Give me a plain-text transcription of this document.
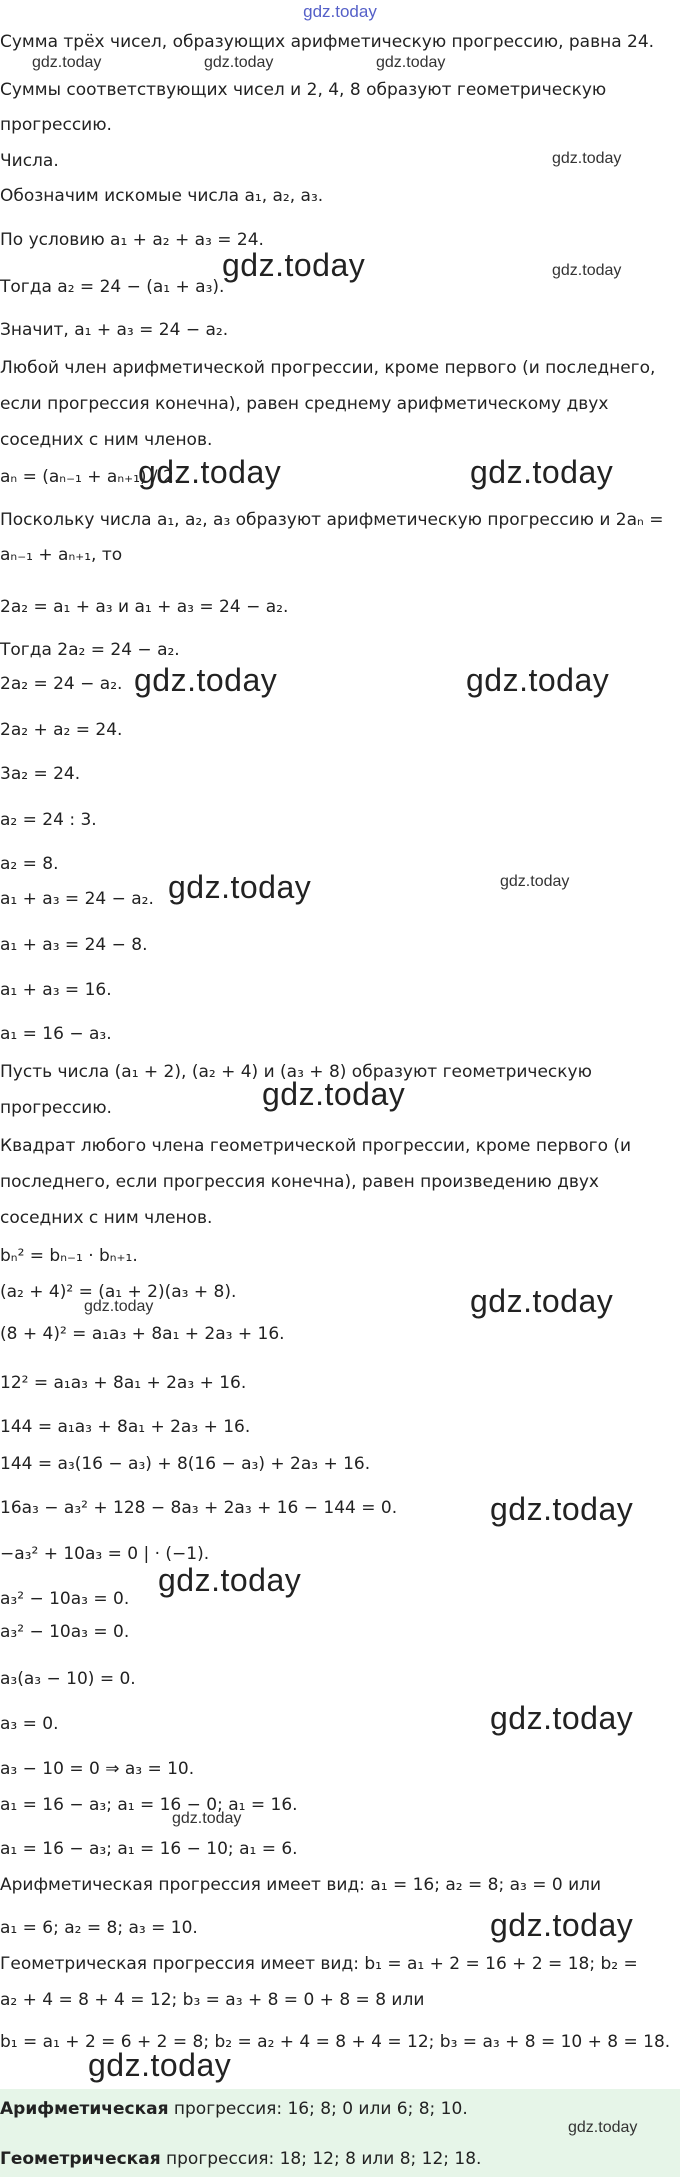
gdz.today
Сумма трёх чисел, образующих арифметическую прогрессию, равна 24.
Суммы соответствующих чисел и 2, 4, 8 образуют геометрическую
прогрессию.
Числа.
Обозначим искомые числа a₁, a₂, a₃.
По условию a₁ + a₂ + a₃ = 24.
Тогда a₂ = 24 − (a₁ + a₃).
Значит, a₁ + a₃ = 24 − a₂.
Любой член арифметической прогрессии, кроме первого (и последнего, если прогрессия конечна), равен среднему арифметическому двух соседних с ним членов.
aₙ = (aₙ₋₁ + aₙ₊₁) / 2.
Поскольку числа a₁, a₂, a₃ образуют арифметическую прогрессию и 2aₙ =
aₙ₋₁ + aₙ₊₁, то
2a₂ = a₁ + a₃ и a₁ + a₃ = 24 − a₂.
Тогда 2a₂ = 24 − a₂.
2a₂ = 24 − a₂.
2a₂ + a₂ = 24.
3a₂ = 24.
a₂ = 24 : 3.
a₂ = 8.
a₁ + a₃ = 24 − a₂.
a₁ + a₃ = 24 − 8.
a₁ + a₃ = 16.
a₁ = 16 − a₃.
Пусть числа (a₁ + 2), (a₂ + 4) и (a₃ + 8) образуют геометрическую
прогрессию.
Квадрат любого члена геометрической прогрессии, кроме первого (и последнего, если прогрессия конечна), равен произведению двух соседних с ним членов.
bₙ² = bₙ₋₁ · bₙ₊₁.
(a₂ + 4)² = (a₁ + 2)(a₃ + 8).
(8 + 4)² = a₁a₃ + 8a₁ + 2a₃ + 16.
12² = a₁a₃ + 8a₁ + 2a₃ + 16.
144 = a₁a₃ + 8a₁ + 2a₃ + 16.
144 = a₃(16 − a₃) + 8(16 − a₃) + 2a₃ + 16.
16a₃ − a₃² + 128 − 8a₃ + 2a₃ + 16 − 144 = 0.
−a₃² + 10a₃ = 0 | · (−1).
a₃² − 10a₃ = 0.
a₃² − 10a₃ = 0.
a₃(a₃ − 10) = 0.
a₃ = 0.
a₃ − 10 = 0 ⇒ a₃ = 10.
a₁ = 16 − a₃; a₁ = 16 − 0; a₁ = 16.
a₁ = 16 − a₃; a₁ = 16 − 10; a₁ = 6.
Арифметическая прогрессия имеет вид: a₁ = 16; a₂ = 8; a₃ = 0 или
a₁ = 6; a₂ = 8; a₃ = 10.
Геометрическая прогрессия имеет вид: b₁ = a₁ + 2 = 16 + 2 = 18; b₂ =
a₂ + 4 = 8 + 4 = 12; b₃ = a₃ + 8 = 0 + 8 = 8 или
b₁ = a₁ + 2 = 6 + 2 = 8; b₂ = a₂ + 4 = 8 + 4 = 12; b₃ = a₃ + 8 = 10 + 8 = 18.
Арифметическая прогрессия: 16; 8; 0 или 6; 8; 10.
Геометрическая прогрессия: 18; 12; 8 или 8; 12; 18.
gdz.today	gdz.today	gdz.today
gdz.today
gdz.today
gdz.today
gdz.today
gdz.today
gdz.today
gdz.today
gdz.today	gdz.today
gdz.today	gdz.today
gdz.today
gdz.today
gdz.today
gdz.today
gdz.today
gdz.today
gdz.today
gdz.today
